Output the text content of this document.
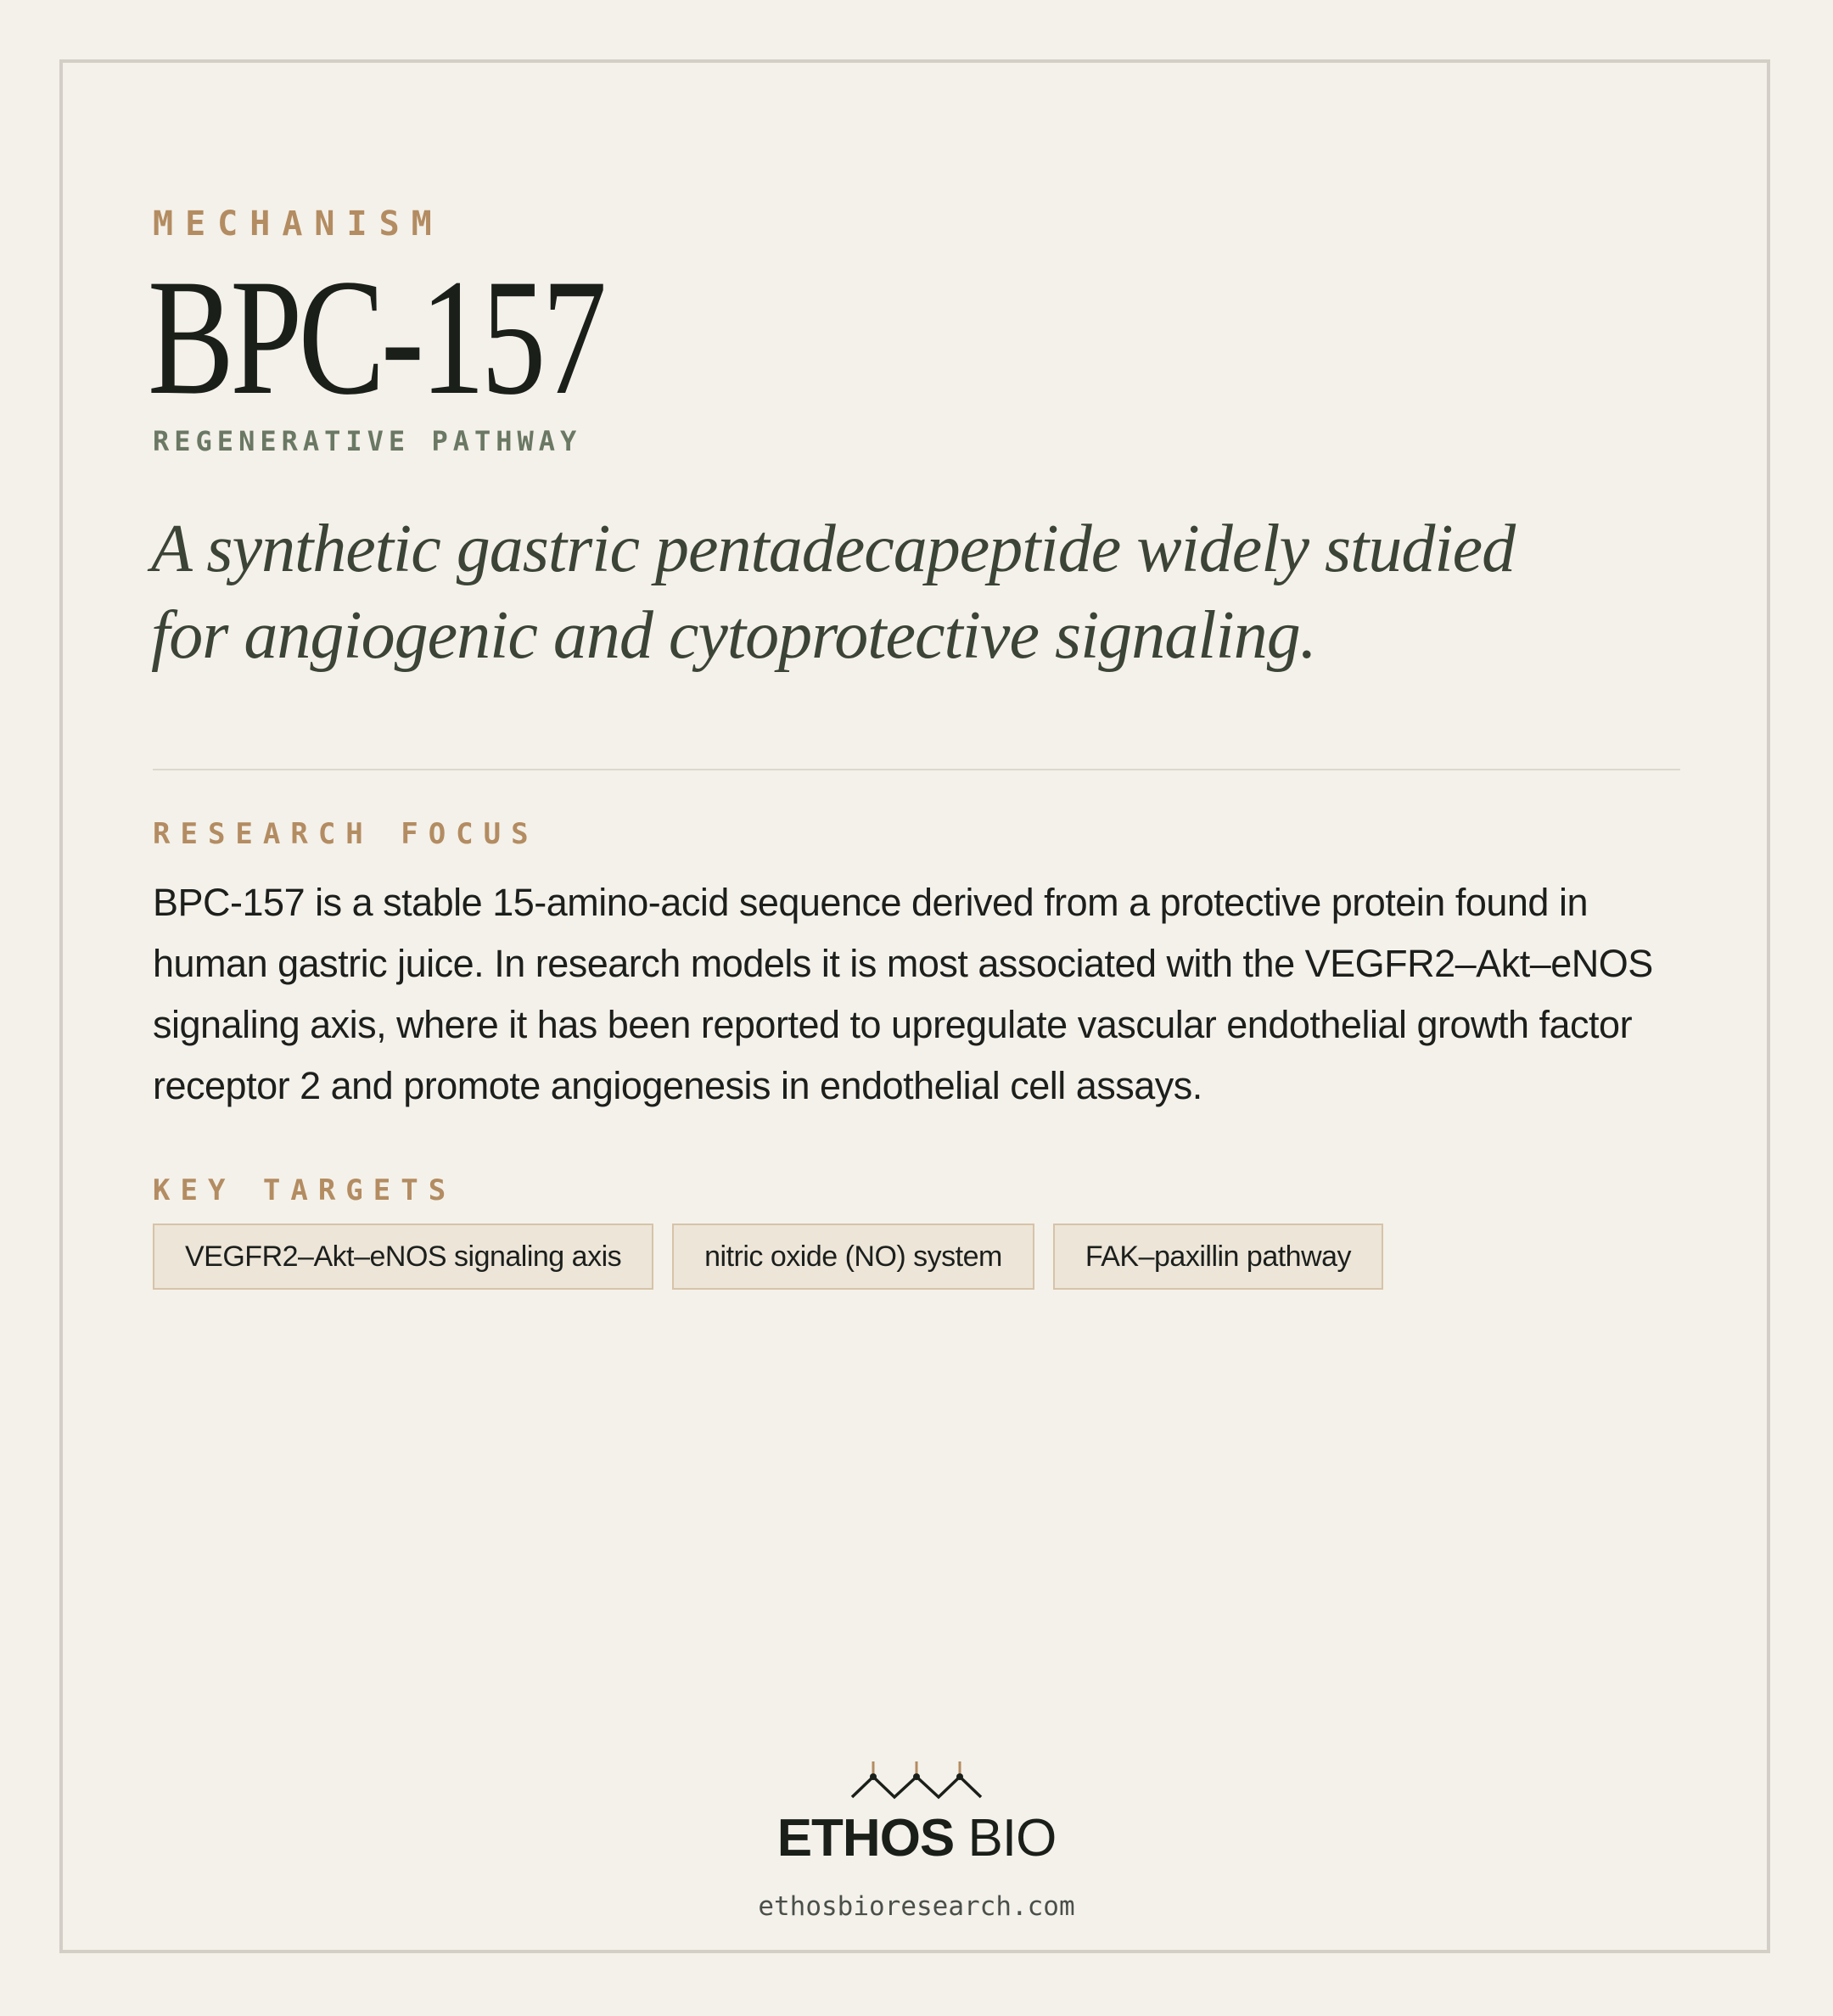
MECHANISM
BPC-157
REGENERATIVE PATHWAY
A synthetic gastric pentadecapeptide widely studied for angiogenic and cytoprotective signaling.
RESEARCH FOCUS
BPC-157 is a stable 15-amino-acid sequence derived from a protective protein found in human gastric juice. In research models it is most associated with the VEGFR2–Akt–eNOS signaling axis, where it has been reported to upregulate vascular endothelial growth factor receptor 2 and promote angiogenesis in endothelial cell assays.
KEY TARGETS
VEGFR2–Akt–eNOS signaling axis	nitric oxide (NO) system	FAK–paxillin pathway
ETHOS BIO
ethosbioresearch.com
